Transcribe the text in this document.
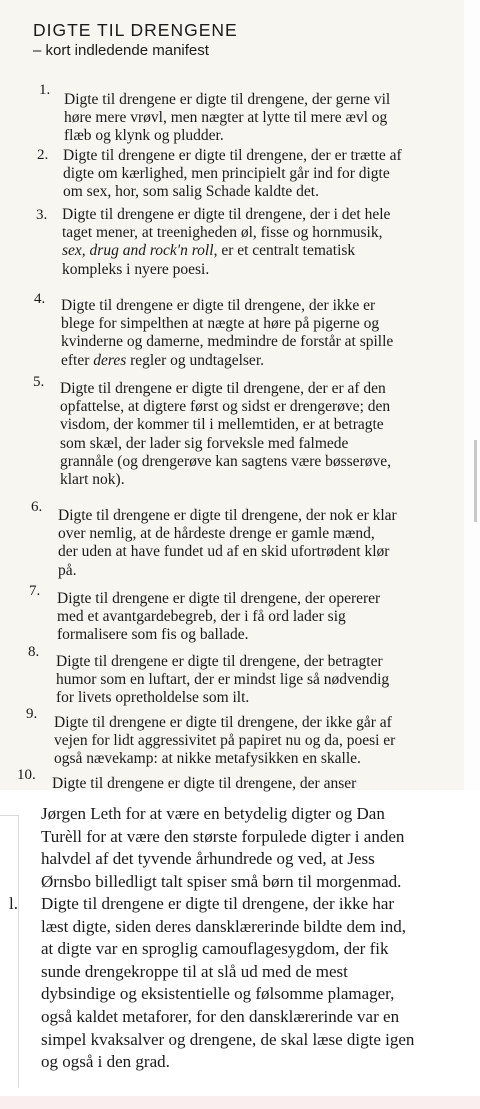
DIGTE TIL DRENGENE
– kort indledende manifest
1.

Digte til drengene er digte til drengene, der gerne vil
høre mere vrøvl, men nægter at lytte til mere ævl og
flæb og klynk og pludder.

2. Digte til drengene er digte til drengene, der er trætte af
digte om kærlighed, men principielt går ind for digte
om sex, hor, som salig Schade kaldte det.

3. Digte til drengene er digte til drengene, der i det hele
taget mener, at treenigheden øl, fisse og hornmusik,
sex, drug and rock'n roll, er et centralt tematisk
kompleks i nyere poesi.

4. Digte til drengene er digte til drengene, der ikke er
blege for simpelthen at nægte at høre på pigerne og
kvinderne og damerne, medmindre de forstår at spille
efter deres regler og undtagelser.

5. Digte til drengene er digte til drengene, der er af den
opfattelse, at digtere først og sidst er drengerøve; den
visdom, der kommer til i mellemtiden, er at betragte
som skæl, der lader sig forveksle med falmede
grannåle (og drengerøve kan sagtens være bøsserøve,
klart nok).

6. Digte til drengene er digte til drengene, der nok er klar
over nemlig, at de hårdeste drenge er gamle mænd,
der uden at have fundet ud af en skid ufortrødent klør
på.

7. Digte til drengene er digte til drengene, der opererer
med et avantgardebegreb, der i få ord lader sig
formalisere som fis og ballade.

8.

Digte til drengene er digte til drengene, der betragter
humor som en luftart, der er mindst lige så nødvendig
for livets opretholdelse som ilt.

9. Digte til drengene er digte til drengene, der ikke går af
vejen for lidt aggressivitet på papiret nu og da, poesi er
også nævekamp: at nikke metafysikken en skalle.

10. Digte til drengene er digte til drengene, der anser

Jørgen Leth for at være en betydelig digter og Dan
Turèll for at være den største forpulede digter i anden
halvdel af det tyvende århundrede og ved, at Jess
Ørnsbo billedligt talt spiser små børn til morgenmad.

l. Digte til drengene er digte til drengene, der ikke har
læst digte, siden deres dansklærerinde bildte dem ind,
at digte var en sproglig camouflagesygdom, der fik
sunde drengekroppe til at slå ud med de mest
dybsindige og eksistentielle og følsomme plamager,
også kaldet metaforer, for den dansklærerinde var en
simpel kvaksalver og drengene, de skal læse digte igen
og også i den grad.
